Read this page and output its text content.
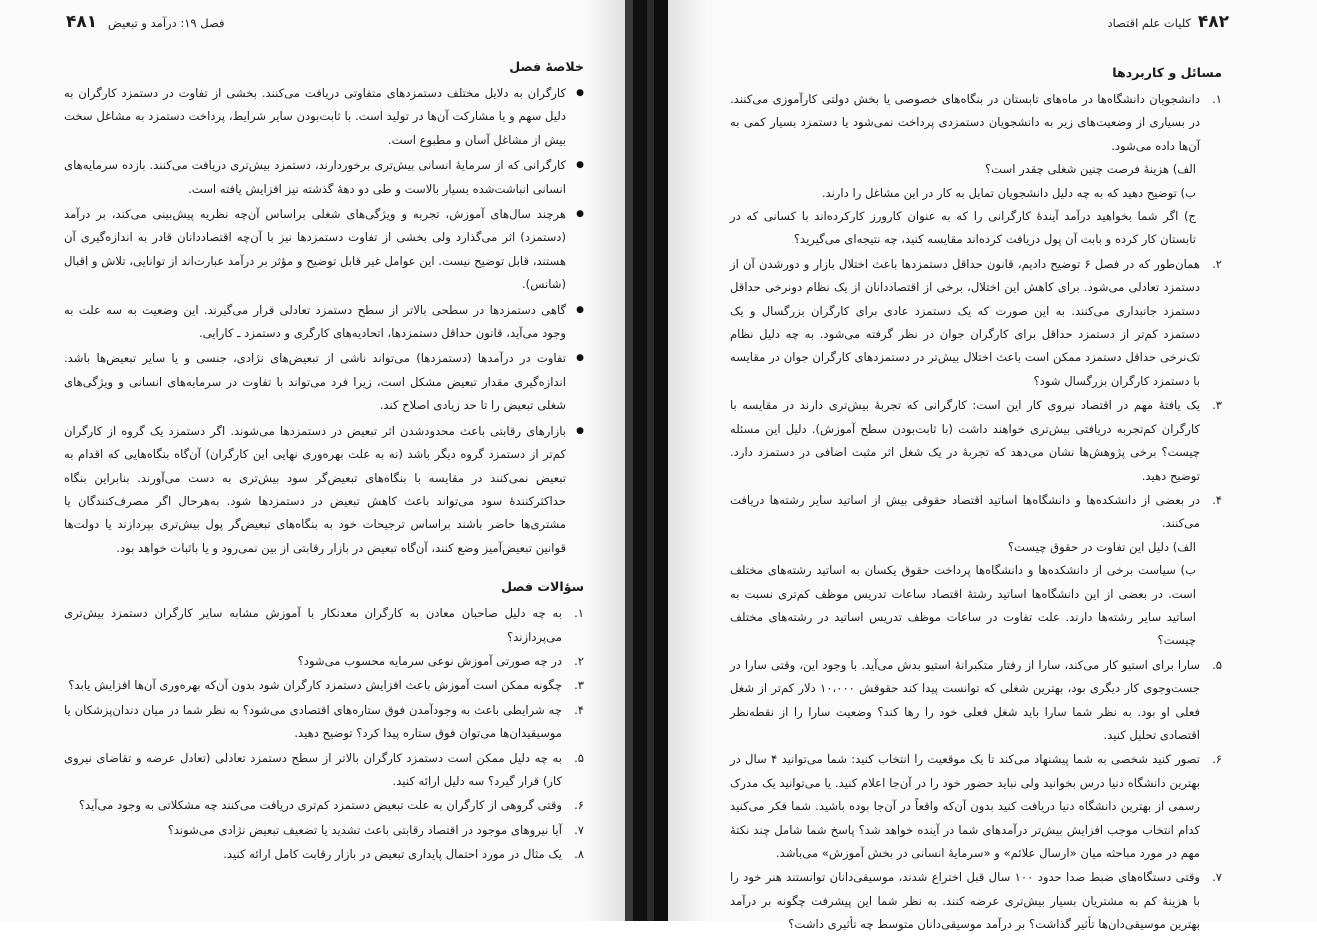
۴۸۱ فصل ۱۹: درآمد و تبعیض
خلاصهٔ فصل
● کارگران به دلایل مختلف دستمزدهای متفاوتی دریافت می‌کنند. بخشی از تفاوت در دستمزد کارگران به دلیل سهم و یا مشارکت آن‌ها در تولید است. با ثابت‌بودن سایر شرایط، پرداخت دستمزد به مشاغل سخت بیش از مشاغل آسان و مطبوع است.
● کارگرانی که از سرمایهٔ انسانی بیش‌تری برخوردارند، دستمزد بیش‌تری دریافت می‌کنند. بازده سرمایه‌های انسانی انباشت‌شده بسیار بالاست و طی دو دههٔ گذشته نیز افزایش یافته است.
● هرچند سال‌های آموزش، تجربه و ویژگی‌های شغلی براساس آن‌چه نظریه پیش‌بینی می‌کند، بر درآمد (دستمزد) اثر می‌گذارد ولی بخشی از تفاوت دستمزدها نیز با آن‌چه اقتصاددانان قادر به اندازه‌گیری آن هستند، قابل توضیح نیست. این عوامل غیر قابل توضیح و مؤثر بر درآمد عبارت‌اند از توانایی، تلاش و اقبال (شانس).
● گاهی دستمزدها در سطحی بالاتر از سطح دستمزد تعادلی قرار می‌گیرند. این وضعیت به سه علت به وجود می‌آید، قانون حداقل دستمزدها، اتحادیه‌های کارگری و دستمزد ـ کارایی.
● تفاوت در درآمدها (دستمزدها) می‌تواند ناشی از تبعیض‌های نژادی، جنسی و یا سایر تبعیض‌ها باشد. اندازه‌گیری مقدار تبعیض مشکل است، زیرا فرد می‌تواند با تفاوت در سرمایه‌های انسانی و ویژگی‌های شغلی تبعیض را تا حد زیادی اصلاح کند.
● بازارهای رقابتی باعث محدودشدن اثر تبعیض در دستمزدها می‌شوند. اگر دستمزد یک گروه از کارگران کم‌تر از دستمزد گروه دیگر باشد (نه به علت بهره‌وری نهایی این کارگران) آن‌گاه بنگاه‌هایی که اقدام به تبعیض نمی‌کنند در مقایسه با بنگاه‌های تبعیض‌گر سود بیش‌تری به دست می‌آورند. بنابراین بنگاه حداکثرکنندهٔ سود می‌تواند باعث کاهش تبعیض در دستمزدها شود. به‌هرحال اگر مصرف‌کنندگان یا مشتری‌ها حاضر باشند براساس ترجیحات خود به بنگاه‌های تبعیض‌گر پول بیش‌تری بپردازند یا دولت‌ها قوانین تبعیض‌آمیز وضع کنند، آن‌گاه تبعیض در بازار رقابتی از بین نمی‌رود و یا باثبات خواهد بود.
سؤالات فصل
۱.
به چه دلیل صاحبان معادن به کارگران معدنکار با آموزش مشابه سایر کارگران دستمزد بیش‌تری می‌پردازند؟
۲.
در چه صورتی آموزش نوعی سرمایه محسوب می‌شود؟
۳.
چگونه ممکن است آموزش باعث افزایش دستمزد کارگران شود بدون آن‌که بهره‌وری آن‌ها افزایش یابد؟
۴.
چه شرایطی باعث به وجودآمدن فوق ستاره‌های اقتصادی می‌شود؟ به نظر شما در میان دندان‌پزشکان یا موسیقیدان‌ها می‌توان فوق ستاره پیدا کرد؟ توضیح دهید.
۵.
به چه دلیل ممکن است دستمزد کارگران بالاتر از سطح دستمزد تعادلی (تعادل عرضه و تقاضای نیروی کار) قرار گیرد؟ سه دلیل ارائه کنید.
۶.
وقتی گروهی از کارگران به علت تبعیض دستمزد کم‌تری دریافت می‌کنند چه مشکلاتی به وجود می‌آید؟
۷.
آیا نیروهای موجود در اقتصاد رقابتی باعث تشدید یا تضعیف تبعیض نژادی می‌شوند؟
۸.
یک مثال در مورد احتمال پایداری تبعیض در بازار رقابت کامل ارائه کنید.
۴۸۲
کلیات علم اقتصاد
مسائل و کاربردها
۱.
دانشجویان دانشگاه‌ها در ماه‌های تابستان در بنگاه‌های خصوصی یا بخش دولتی کارآموزی می‌کنند. در بسیاری از وضعیت‌های زیر به دانشجویان دستمزدی پرداخت نمی‌شود یا دستمزد بسیار کمی به آن‌ها داده می‌شود.
الف) هزینهٔ فرصت چنین شغلی چقدر است؟
ب) توضیح دهید که به چه دلیل دانشجویان تمایل به کار در این مشاغل را دارند.
ج) اگر شما بخواهید درآمد آیندهٔ کارگرانی را که به عنوان کارورز کارکرده‌اند با کسانی که در تابستان کار کرده و بابت آن پول دریافت کرده‌اند مقایسه کنید، چه نتیجه‌ای می‌گیرید؟
۲.
همان‌طور که در فصل ۶ توضیح دادیم، قانون حداقل دستمزدها باعث اختلال بازار و دورشدن آن از دستمزد تعادلی می‌شود. برای کاهش این اختلال، برخی از اقتصاددانان از یک نظام دونرخی حداقل دستمزد جانبداری می‌کنند. به این صورت که یک دستمزد عادی برای کارگران بزرگسال و یک دستمزد کم‌تر از دستمزد حداقل برای کارگران جوان در نظر گرفته می‌شود. به چه دلیل نظام تک‌نرخی حداقل دستمزد ممکن است باعث اختلال بیش‌تر در دستمزدهای کارگران جوان در مقایسه با دستمزد کارگران بزرگسال شود؟
۳.
یک یافتهٔ مهم در اقتصاد نیروی کار این است: کارگرانی که تجربهٔ بیش‌تری دارند در مقایسه با کارگران کم‌تجربه دریافتی بیش‌تری خواهند داشت (با ثابت‌بودن سطح آموزش). دلیل این مسئله چیست؟ برخی پژوهش‌ها نشان می‌دهد که تجربهٔ در یک شغل اثر مثبت اضافی در دستمزد دارد. توضیح دهید.
۴.
در بعضی از دانشکده‌ها و دانشگاه‌ها اساتید اقتصاد حقوقی بیش از اساتید سایر رشته‌ها دریافت می‌کنند.
الف) دلیل این تفاوت در حقوق چیست؟
ب) سیاست برخی از دانشکده‌ها و دانشگاه‌ها پرداخت حقوق یکسان به اساتید رشته‌های مختلف است. در بعضی از این دانشگاه‌ها اساتید رشتهٔ اقتصاد ساعات تدریس موظف کم‌تری نسبت به اساتید سایر رشته‌ها دارند. علت تفاوت در ساعات موظف تدریس اساتید در رشته‌های مختلف چیست؟
۵.
سارا برای استیو کار می‌کند، سارا از رفتار متکبرانهٔ استیو بدش می‌آید. با وجود این، وقتی سارا در جست‌وجوی کار دیگری بود، بهترین شغلی که توانست پیدا کند حقوقش ۱۰،۰۰۰ دلار کم‌تر از شغل فعلی او بود. به نظر شما سارا باید شغل فعلی خود را رها کند؟ وضعیت سارا را از نقطه‌نظر اقتصادی تحلیل کنید.
۶.
تصور کنید شخصی به شما پیشنهاد می‌کند تا یک موقعیت را انتخاب کنید: شما می‌توانید ۴ سال در بهترین دانشگاه دنیا درس بخوانید ولی نباید حضور خود را در آن‌جا اعلام کنید. یا می‌توانید یک مدرک رسمی از بهترین دانشگاه دنیا دریافت کنید بدون آن‌که واقعاً در آن‌جا بوده باشید. شما فکر می‌کنید کدام انتخاب موجب افزایش بیش‌تر درآمدهای شما در آینده خواهد شد؟ پاسخ شما شامل چند نکتهٔ مهم در مورد مباحثه میان «ارسال علائم» و «سرمایهٔ انسانی در بخش آموزش» می‌باشد.
۷.
وقتی دستگاه‌های ضبط صدا حدود ۱۰۰ سال قبل اختراع شدند، موسیقی‌دانان توانستند هنر خود را با هزینهٔ کم به مشتریان بسیار بیش‌تری عرضه کنند. به نظر شما این پیشرفت چگونه بر درآمد بهترین موسیقی‌دان‌ها تأثیر گذاشت؟ بر درآمد موسیقی‌دانان متوسط چه تأثیری داشت؟
